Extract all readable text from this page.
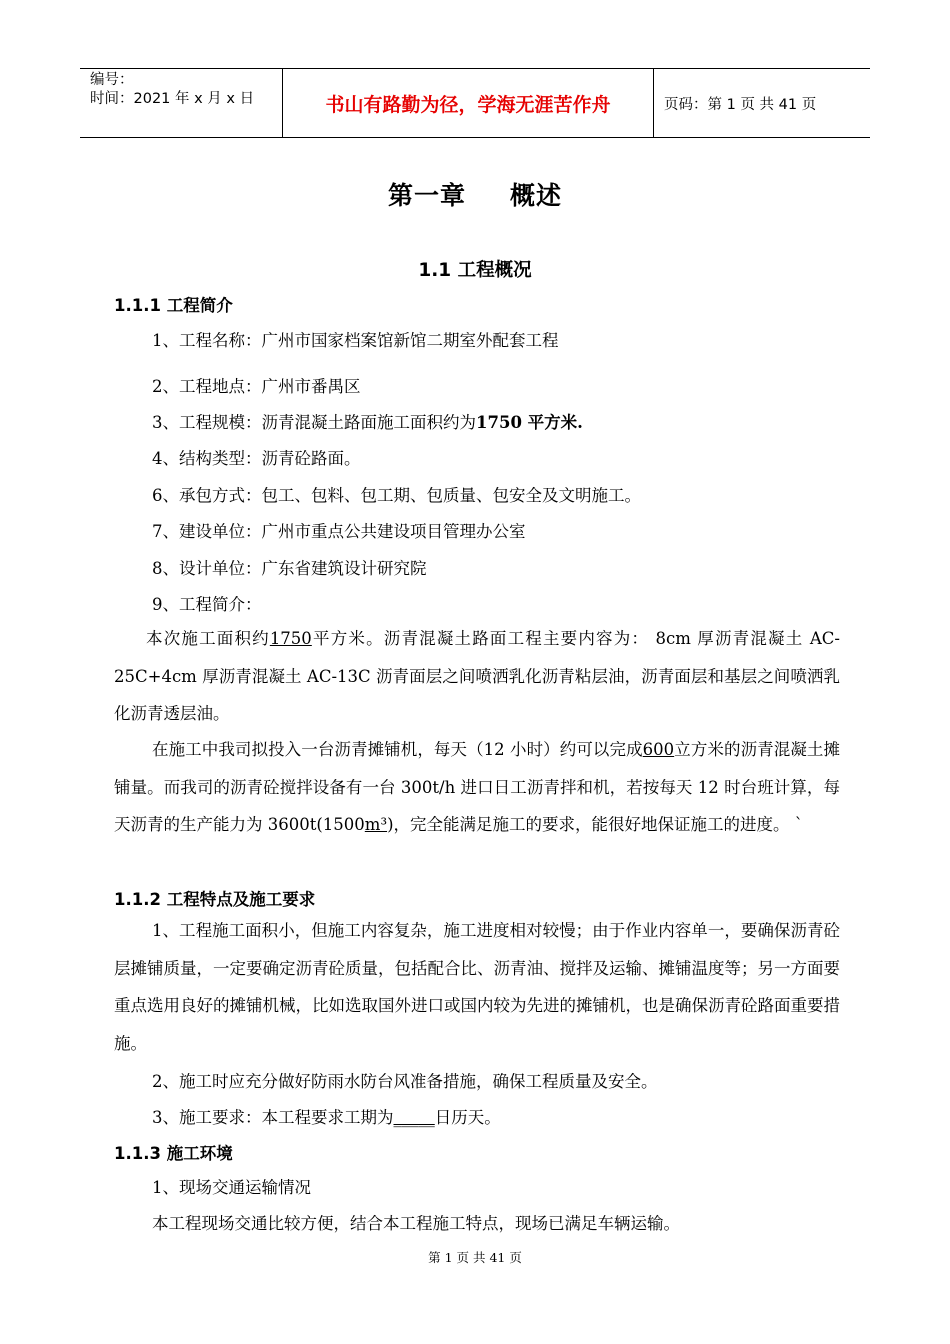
编号：
时间：2021 年 x 月 x 日	书山有路勤为径，学海无涯苦作舟	页码：第 1 页 共 41 页
第一章 概述
1.1 工程概况
1.1.1 工程简介
1、工程名称：广州市国家档案馆新馆二期室外配套工程
2、工程地点：广州市番禺区
3、工程规模：沥青混凝土路面施工面积约为1750 平方米.
4、结构类型：沥青砼路面。
6、承包方式：包工、包料、包工期、包质量、包安全及文明施工。
7、建设单位：广州市重点公共建设项目管理办公室
8、设计单位：广东省建筑设计研究院
9、工程简介：
本次施工面积约1750平方米。沥青混凝土路面工程主要内容为： 8cm 厚沥青混凝土 AC-25C+4cm 厚沥青混凝土 AC-13C 沥青面层之间喷洒乳化沥青粘层油，沥青面层和基层之间喷洒乳化沥青透层油。
在施工中我司拟投入一台沥青摊铺机，每天（12 小时）约可以完成600立方米的沥青混凝土摊铺量。而我司的沥青砼搅拌设备有一台 300t/h 进口日工沥青拌和机，若按每天 12 时台班计算，每天沥青的生产能力为 3600t(1500m³)，完全能满足施工的要求，能很好地保证施工的进度。 `
1.1.2 工程特点及施工要求
1、工程施工面积小，但施工内容复杂，施工进度相对较慢；由于作业内容单一，要确保沥青砼层摊铺质量，一定要确定沥青砼质量，包括配合比、沥青油、搅拌及运输、摊铺温度等；另一方面要重点选用良好的摊铺机械，比如选取国外进口或国内较为先进的摊铺机，也是确保沥青砼路面重要措施。
2、施工时应充分做好防雨水防台风准备措施，确保工程质量及安全。
3、施工要求：本工程要求工期为_____日历天。
1.1.3 施工环境
1、现场交通运输情况
本工程现场交通比较方便，结合本工程施工特点，现场已满足车辆运输。
第 1 页 共 41 页
